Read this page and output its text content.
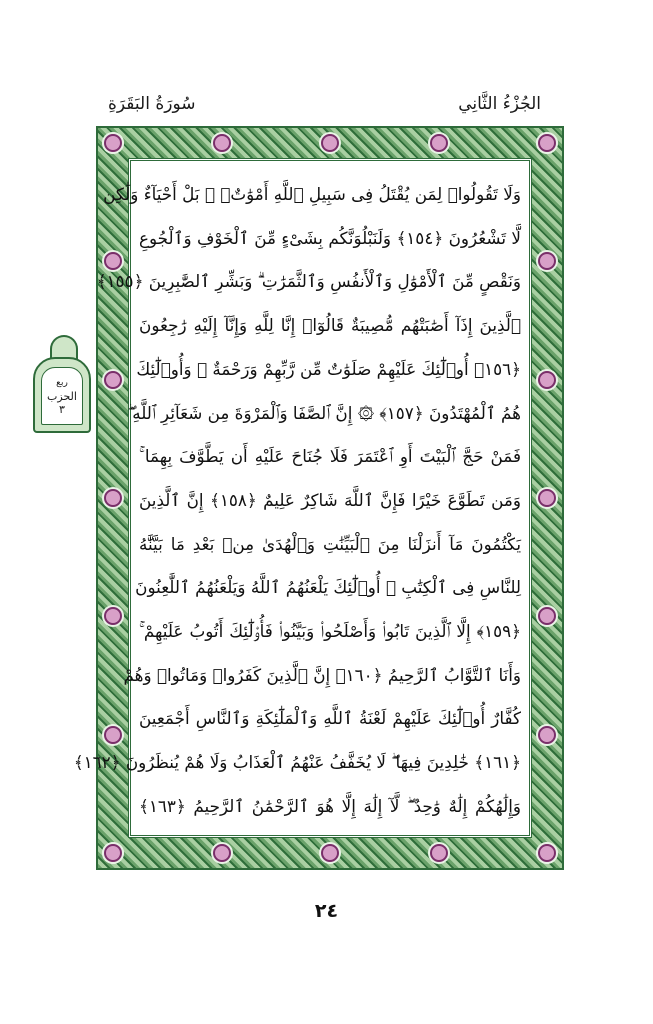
سُورَةُ البَقَرَةِ	الجُزْءُ الثَّانِي
ربع
الحزب
٣
وَلَا تَقُولُوا۟ لِمَن يُقْتَلُ فِى سَبِيلِ ٱللَّهِ أَمْوَٰتٌۢ ۚ بَلْ أَحْيَآءٌ وَلَٰكِن
لَّا تَشْعُرُونَ ﴿١٥٤﴾ وَلَنَبْلُوَنَّكُم بِشَىْءٍ مِّنَ ٱلْخَوْفِ وَٱلْجُوعِ
وَنَقْصٍ مِّنَ ٱلْأَمْوَٰلِ وَٱلْأَنفُسِ وَٱلثَّمَرَٰتِ ۗ وَبَشِّرِ ٱلصَّٰبِرِينَ ﴿١٥٥﴾
ٱلَّذِينَ إِذَآ أَصَٰبَتْهُم مُّصِيبَةٌ قَالُوٓا۟ إِنَّا لِلَّهِ وَإِنَّآ إِلَيْهِ رَٰجِعُونَ
﴿١٥٦﴾ أُو۟لَٰٓئِكَ عَلَيْهِمْ صَلَوَٰتٌ مِّن رَّبِّهِمْ وَرَحْمَةٌ ۖ وَأُو۟لَٰٓئِكَ
هُمُ ٱلْمُهْتَدُونَ ﴿١٥٧﴾ ۞ إِنَّ ٱلصَّفَا وَٱلْمَرْوَةَ مِن شَعَآئِرِ ٱللَّهِ ۖ
فَمَنْ حَجَّ ٱلْبَيْتَ أَوِ ٱعْتَمَرَ فَلَا جُنَاحَ عَلَيْهِ أَن يَطَّوَّفَ بِهِمَا ۚ
وَمَن تَطَوَّعَ خَيْرًا فَإِنَّ ٱللَّهَ شَاكِرٌ عَلِيمٌ ﴿١٥٨﴾ إِنَّ ٱلَّذِينَ
يَكْتُمُونَ مَآ أَنزَلْنَا مِنَ ٱلْبَيِّنَٰتِ وَٱلْهُدَىٰ مِنۢ بَعْدِ مَا بَيَّنَّٰهُ
لِلنَّاسِ فِى ٱلْكِتَٰبِ ۙ أُو۟لَٰٓئِكَ يَلْعَنُهُمُ ٱللَّهُ وَيَلْعَنُهُمُ ٱللَّٰعِنُونَ
﴿١٥٩﴾ إِلَّا ٱلَّذِينَ تَابُوا۟ وَأَصْلَحُوا۟ وَبَيَّنُوا۟ فَأُو۟لَٰٓئِكَ أَتُوبُ عَلَيْهِمْ ۚ
وَأَنَا ٱلتَّوَّابُ ٱلرَّحِيمُ ﴿١٦٠﴾ إِنَّ ٱلَّذِينَ كَفَرُوا۟ وَمَاتُوا۟ وَهُمْ
كُفَّارٌ أُو۟لَٰٓئِكَ عَلَيْهِمْ لَعْنَةُ ٱللَّهِ وَٱلْمَلَٰٓئِكَةِ وَٱلنَّاسِ أَجْمَعِينَ
﴿١٦١﴾ خَٰلِدِينَ فِيهَا ۖ لَا يُخَفَّفُ عَنْهُمُ ٱلْعَذَابُ وَلَا هُمْ يُنظَرُونَ ﴿١٦٢﴾
وَإِلَٰهُكُمْ إِلَٰهٌ وَٰحِدٌ ۖ لَّآ إِلَٰهَ إِلَّا هُوَ ٱلرَّحْمَٰنُ ٱلرَّحِيمُ ﴿١٦٣﴾
٢٤
